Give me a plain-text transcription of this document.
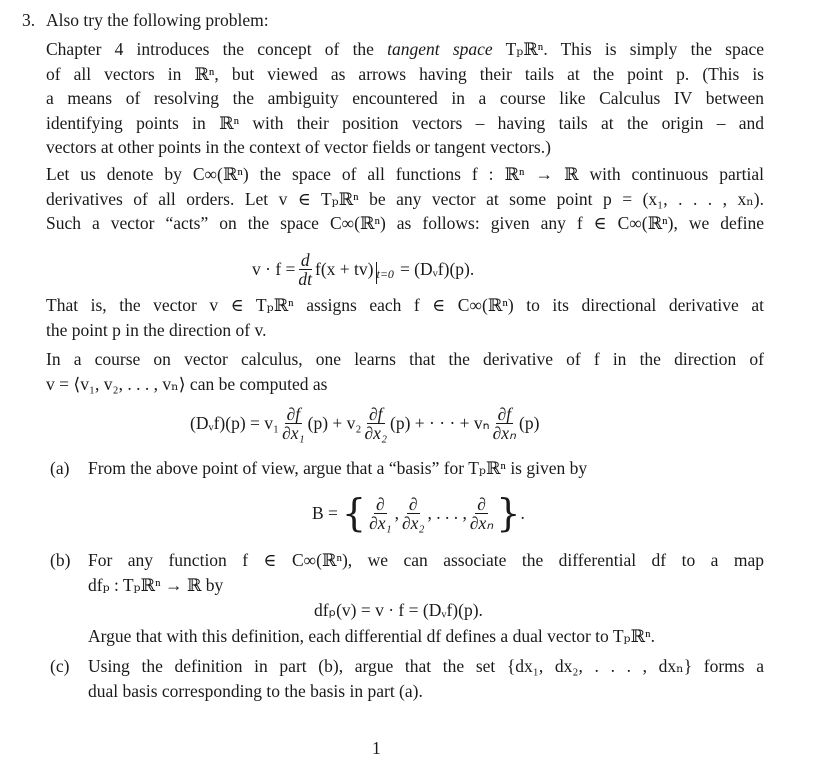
3. Also try the following problem:
Chapter 4 introduces the concept of the tangent space Tₚℝⁿ. This is simply the space
of all vectors in ℝⁿ, but viewed as arrows having their tails at the point p. (This is
a means of resolving the ambiguity encountered in a course like Calculus IV between
identifying points in ℝⁿ with their position vectors – having tails at the origin – and
vectors at other points in the context of vector fields or tangent vectors.)
Let us denote by C∞(ℝⁿ) the space of all functions f : ℝⁿ → ℝ with continuous partial
derivatives of all orders. Let v ∈ Tₚℝⁿ be any vector at some point p = (x₁, . . . , xₙ).
Such a vector “acts” on the space C∞(ℝⁿ) as follows: given any f ∈ C∞(ℝⁿ), we define
$v \cdot f = \frac{d}{dt} f(x + tv) t=0$ = (Dᵥf)(p).
That is, the vector v ∈ Tₚℝⁿ assigns each f ∈ C∞(ℝⁿ) to its directional derivative at
the point p in the direction of v.
In a course on vector calculus, one learns that the derivative of f in the direction of
v = ⟨v₁, v₂, . . . , vₙ⟩ can be computed as
(Dᵥf)(p) = $v_1 \frac{\partial f}{\text{∂x₁}} (p) + v_2 \frac{\partial f}{\text{∂x₂}} (p)$ + · · · + vₙ $\frac{\partial f}{\text{∂xₙ}} (p)$
(a) From the above point of view, argue that a “basis” for Tₚℝⁿ is given by
B = { $\frac{\partial}{\text{∂x₁}}$ , $\frac{\partial}{\text{∂x₂}}$ , . . . , $\frac{\partial}{\text{∂xₙ}}$ } .
(b) For any function f ∈ C∞(ℝⁿ), we can associate the differential df to a map
dfₚ : Tₚℝⁿ → ℝ by
dfₚ(v) = v · f = (Dᵥf)(p).
Argue that with this definition, each differential df defines a dual vector to Tₚℝⁿ.
(c) Using the definition in part (b), argue that the set {dx₁, dx₂, . . . , dxₙ} forms a
dual basis corresponding to the basis in part (a).
1
